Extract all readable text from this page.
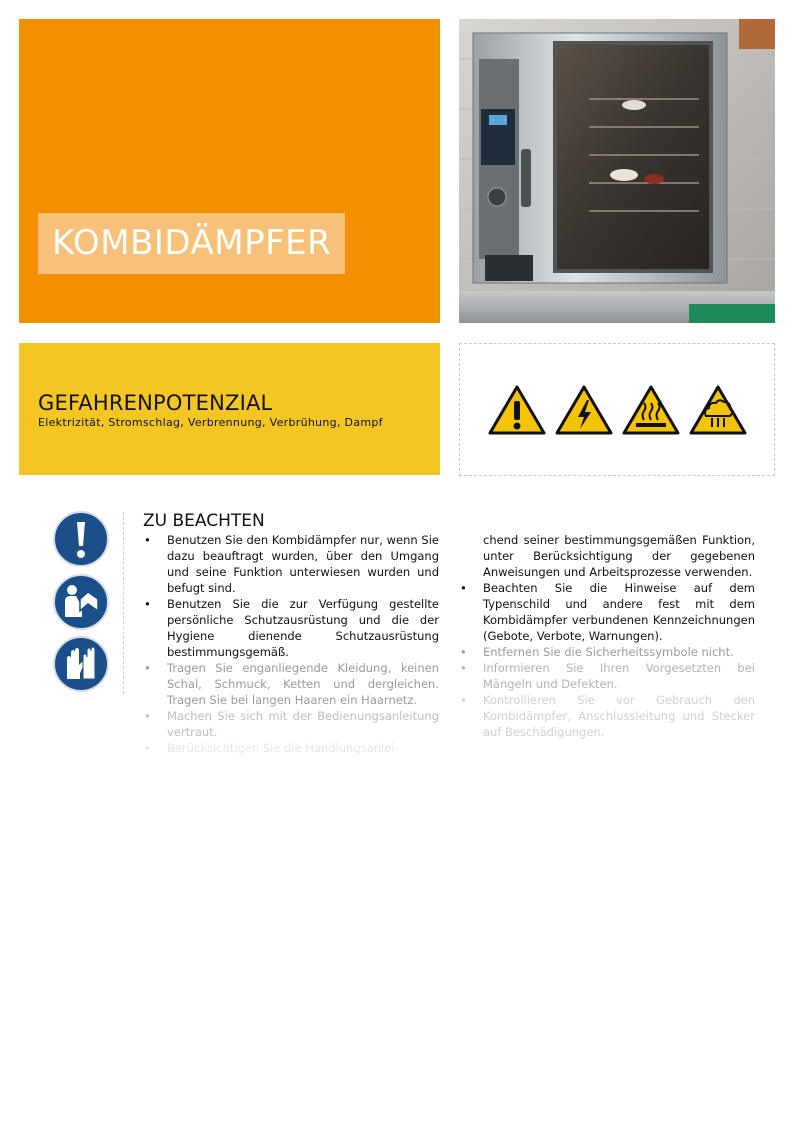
KOMBIDÄMPFER
GEFAHRENPOTENZIAL
Elektrizität, Stromschlag, Verbrennung, Verbrühung, Dampf
ZU BEACHTEN
• Benutzen Sie den Kombidämpfer nur, wenn Sie dazu beauftragt wurden, über den Umgang und seine Funktion unterwiesen wurden und befugt sind.
• Benutzen Sie die zur Verfügung gestellte persönliche Schutzausrüstung und die der Hygiene dienende Schutzausrüstung bestimmungsgemäß.
• Tragen Sie enganliegende Kleidung, keinen Schal, Schmuck, Ketten und dergleichen. Tragen Sie bei langen Haaren ein Haarnetz.
• Machen Sie sich mit der Bedienungsanleitung vertraut.
• Berücksichtigen Sie die Handlungsanlei-
chend seiner bestimmungsgemäßen Funktion, unter Berücksichtigung der gegebenen Anweisungen und Arbeitsprozesse verwenden.
• Beachten Sie die Hinweise auf dem Typenschild und andere fest mit dem Kombidämpfer verbundenen Kennzeichnungen (Gebote, Verbote, Warnungen).
• Entfernen Sie die Sicherheitssymbole nicht.
• Informieren Sie Ihren Vorgesetzten bei Mängeln und Defekten.
• Kontrollieren Sie vor Gebrauch den Kombidämpfer, Anschlussleitung und Stecker auf Beschädigungen.
